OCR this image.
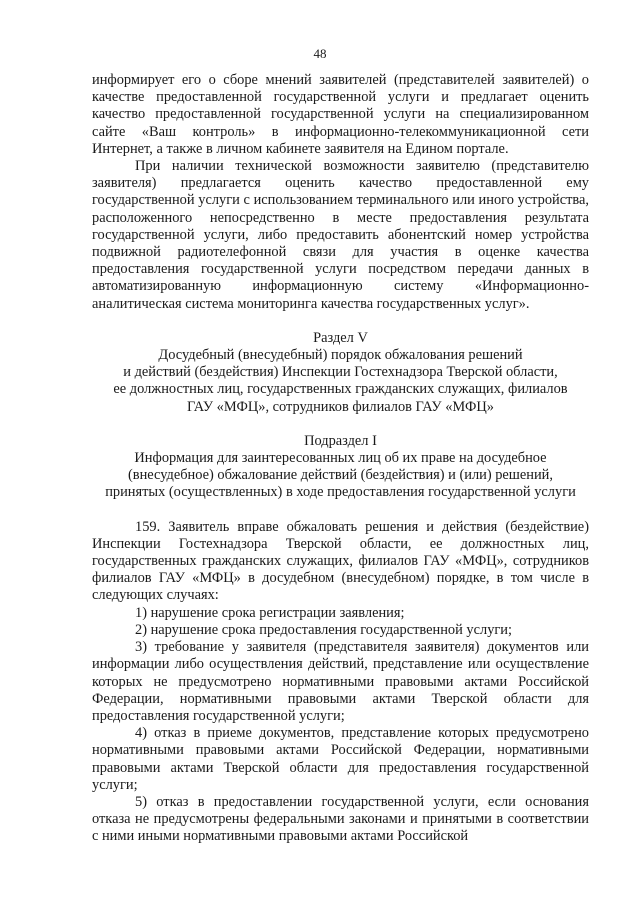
48

информирует его о сборе мнений заявителей (представителей заявителей) о качестве предоставленной государственной услуги и предлагает оценить качество предоставленной государственной услуги на специализированном сайте «Ваш контроль» в информационно-телекоммуникационной сети Интернет, а также в личном кабинете заявителя на Едином портале.

При наличии технической возможности заявителю (представителю заявителя) предлагается оценить качество предоставленной ему государственной услуги с использованием терминального или иного устройства, расположенного непосредственно в месте предоставления результата государственной услуги, либо предоставить абонентский номер устройства подвижной радиотелефонной связи для участия в оценке качества предоставления государственной услуги посредством передачи данных в автоматизированную информационную систему «Информационно-аналитическая система мониторинга качества государственных услуг».

Раздел V

Досудебный (внесудебный) порядок обжалования решений

и действий (бездействия) Инспекции Гостехнадзора Тверской области,

ее должностных лиц, государственных гражданских служащих, филиалов

ГАУ «МФЦ», сотрудников филиалов ГАУ «МФЦ»

Подраздел I

Информация для заинтересованных лиц об их праве на досудебное

(внесудебное) обжалование действий (бездействия) и (или) решений,

принятых (осуществленных) в ходе предоставления государственной услуги

159. Заявитель вправе обжаловать решения и действия (бездействие) Инспекции Гостехнадзора Тверской области, ее должностных лиц, государственных гражданских служащих, филиалов ГАУ «МФЦ», сотрудников филиалов ГАУ «МФЦ» в досудебном (внесудебном) порядке, в том числе в следующих случаях:

1) нарушение срока регистрации заявления;

2) нарушение срока предоставления государственной услуги;

3) требование у заявителя (представителя заявителя) документов или информации либо осуществления действий, представление или осуществление которых не предусмотрено нормативными правовыми актами Российской Федерации, нормативными правовыми актами Тверской области для предоставления государственной услуги;

4) отказ в приеме документов, представление которых предусмотрено нормативными правовыми актами Российской Федерации, нормативными правовыми актами Тверской области для предоставления государственной услуги;

5) отказ в предоставлении государственной услуги, если основания отказа не предусмотрены федеральными законами и принятыми в соответствии с ними иными нормативными правовыми актами Российской
